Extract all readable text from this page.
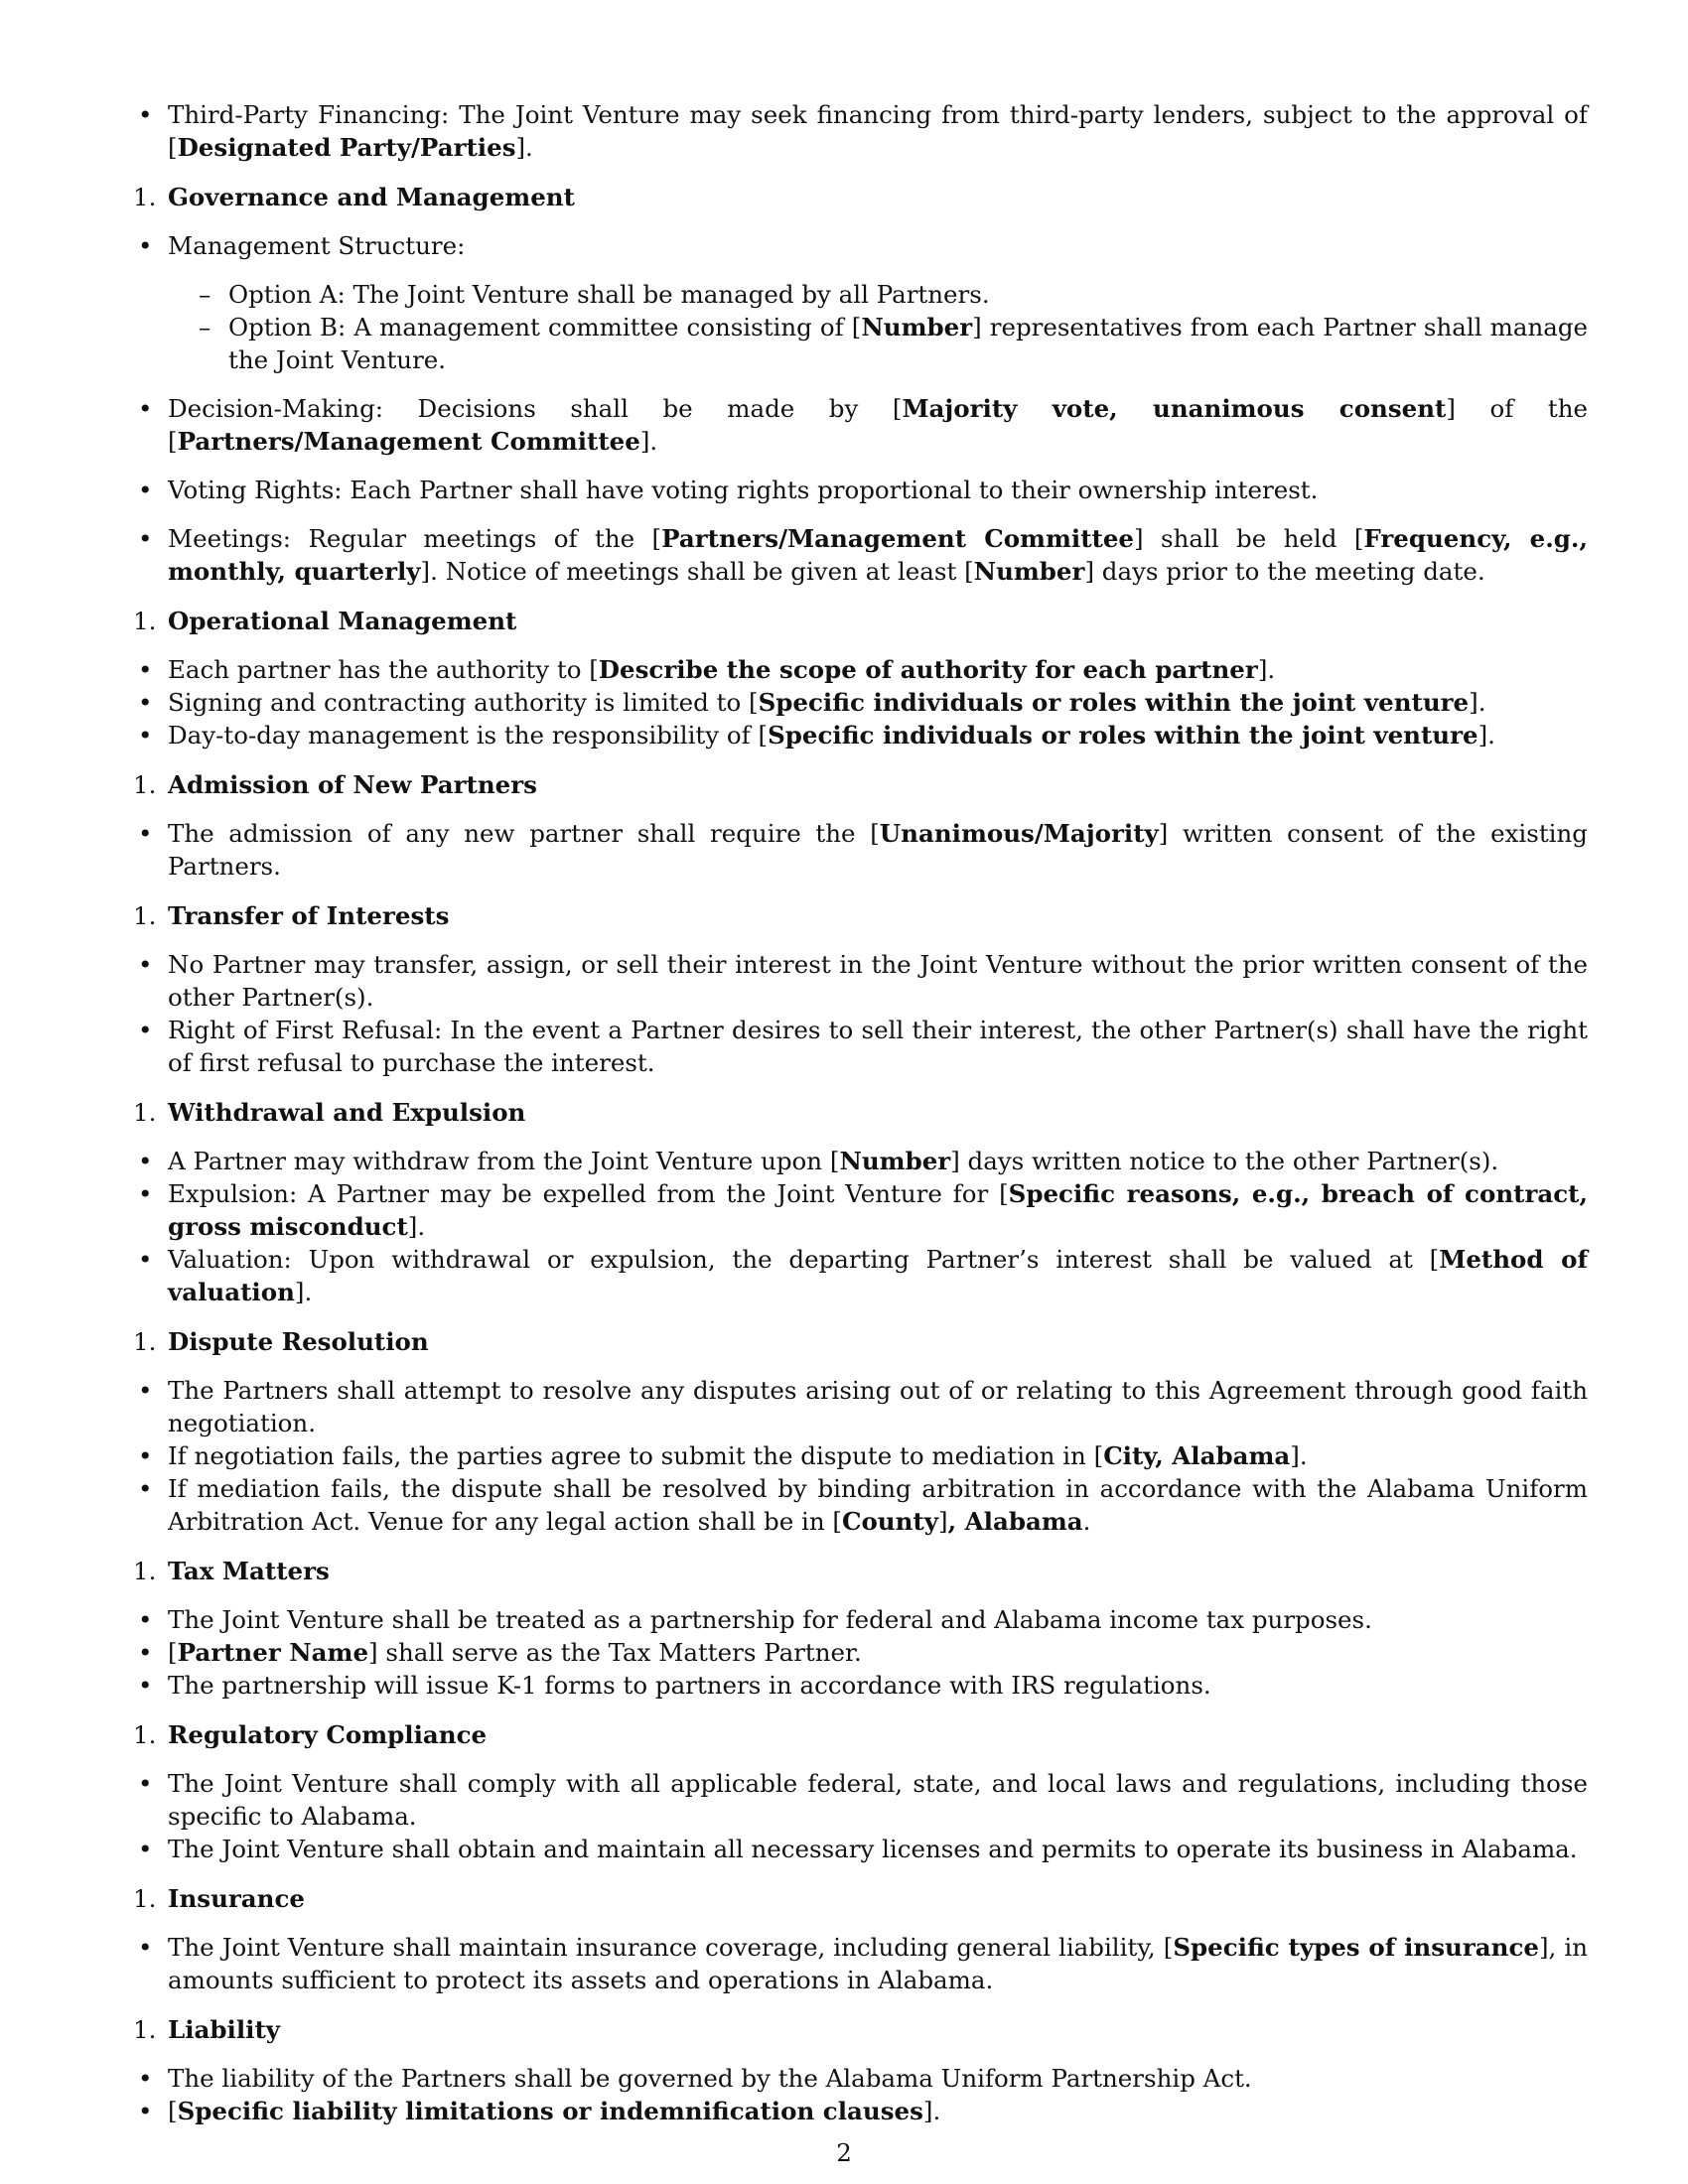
• Third-Party Financing: The Joint Venture may seek financing from third-party lenders, subject to the approval of [Designated Party/Parties].
1. Governance and Management
• Management Structure:
– Option A: The Joint Venture shall be managed by all Partners.
– Option B: A management committee consisting of [Number] representatives from each Partner shall manage the Joint Venture.
• Decision-Making: Decisions shall be made by [Majority vote, unanimous consent] of the [Partners/Management Committee].
• Voting Rights: Each Partner shall have voting rights proportional to their ownership interest.
• Meetings: Regular meetings of the [Partners/Management Committee] shall be held [Frequency, e.g., monthly, quarterly]. Notice of meetings shall be given at least [Number] days prior to the meeting date.
1. Operational Management
• Each partner has the authority to [Describe the scope of authority for each partner].
• Signing and contracting authority is limited to [Specific individuals or roles within the joint venture].
• Day-to-day management is the responsibility of [Specific individuals or roles within the joint venture].
1. Admission of New Partners
• The admission of any new partner shall require the [Unanimous/Majority] written consent of the existing Partners.
1. Transfer of Interests
• No Partner may transfer, assign, or sell their interest in the Joint Venture without the prior written consent of the other Partner(s).
• Right of First Refusal: In the event a Partner desires to sell their interest, the other Partner(s) shall have the right of first refusal to purchase the interest.
1. Withdrawal and Expulsion
• A Partner may withdraw from the Joint Venture upon [Number] days written notice to the other Partner(s).
• Expulsion: A Partner may be expelled from the Joint Venture for [Specific reasons, e.g., breach of contract, gross misconduct].
• Valuation: Upon withdrawal or expulsion, the departing Partner’s interest shall be valued at [Method of valuation].
1. Dispute Resolution
• The Partners shall attempt to resolve any disputes arising out of or relating to this Agreement through good faith negotiation.
• If negotiation fails, the parties agree to submit the dispute to mediation in [City, Alabama].
• If mediation fails, the dispute shall be resolved by binding arbitration in accordance with the Alabama Uniform Arbitration Act. Venue for any legal action shall be in [County], Alabama.
1. Tax Matters
• The Joint Venture shall be treated as a partnership for federal and Alabama income tax purposes.
• [Partner Name] shall serve as the Tax Matters Partner.
• The partnership will issue K-1 forms to partners in accordance with IRS regulations.
1. Regulatory Compliance
• The Joint Venture shall comply with all applicable federal, state, and local laws and regulations, including those specific to Alabama.
• The Joint Venture shall obtain and maintain all necessary licenses and permits to operate its business in Alabama.
1. Insurance
• The Joint Venture shall maintain insurance coverage, including general liability, [Specific types of insurance], in amounts sufficient to protect its assets and operations in Alabama.
1. Liability
• The liability of the Partners shall be governed by the Alabama Uniform Partnership Act.
• [Specific liability limitations or indemnification clauses].
2
